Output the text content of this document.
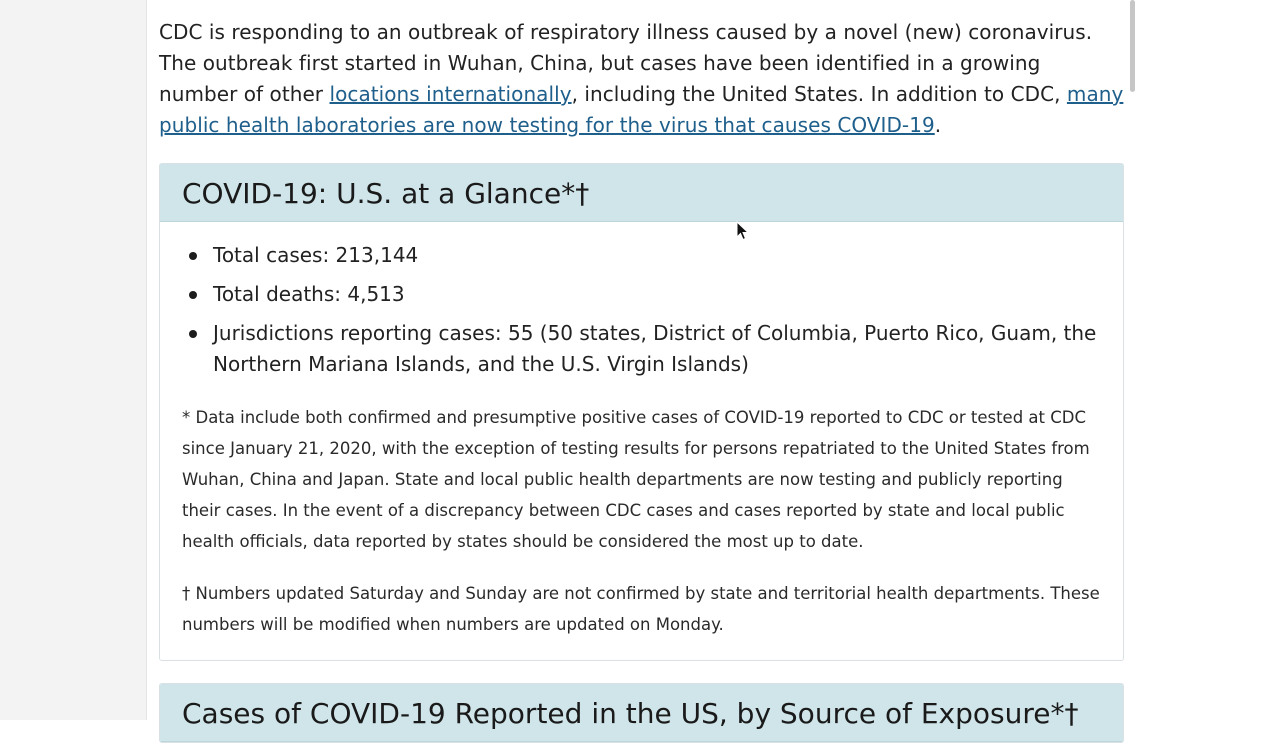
CDC is responding to an outbreak of respiratory illness caused by a novel (new) coronavirus. The outbreak first started in Wuhan, China, but cases have been identified in a growing number of other locations internationally, including the United States. In addition to CDC, many public health laboratories are now testing for the virus that causes COVID-19.

COVID-19: U.S. at a Glance*†
Total cases: 213,144
Total deaths: 4,513
Jurisdictions reporting cases: 55 (50 states, District of Columbia, Puerto Rico, Guam, the Northern Mariana Islands, and the U.S. Virgin Islands)

* Data include both confirmed and presumptive positive cases of COVID-19 reported to CDC or tested at CDC since January 21, 2020, with the exception of testing results for persons repatriated to the United States from Wuhan, China and Japan. State and local public health departments are now testing and publicly reporting their cases. In the event of a discrepancy between CDC cases and cases reported by state and local public health officials, data reported by states should be considered the most up to date.

† Numbers updated Saturday and Sunday are not confirmed by state and territorial health departments. These numbers will be modified when numbers are updated on Monday.

Cases of COVID-19 Reported in the US, by Source of Exposure*†
